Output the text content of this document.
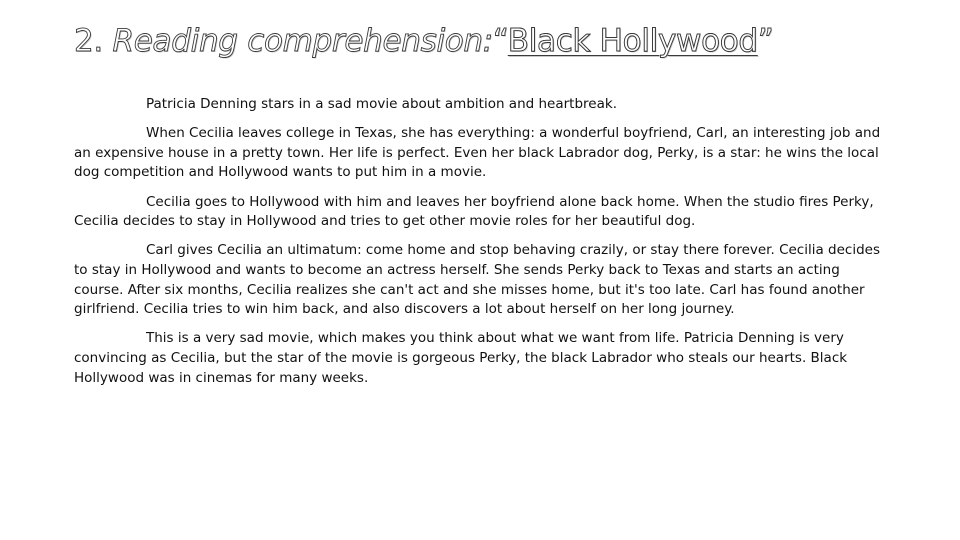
2. Reading comprehension:“Black Hollywood”

Patricia Denning stars in a sad movie about ambition and heartbreak.

When Cecilia leaves college in Texas, she has everything: a wonderful boyfriend, Carl, an interesting job and an expensive house in a pretty town. Her life is perfect. Even her black Labrador dog, Perky, is a star: he wins the local dog competition and Hollywood wants to put him in a movie.

Cecilia goes to Hollywood with him and leaves her boyfriend alone back home. When the studio fires Perky, Cecilia decides to stay in Hollywood and tries to get other movie roles for her beautiful dog.

Carl gives Cecilia an ultimatum: come home and stop behaving crazily, or stay there forever. Cecilia decides to stay in Hollywood and wants to become an actress herself. She sends Perky back to Texas and starts an acting course. After six months, Cecilia realizes she can't act and she misses home, but it's too late. Carl has found another girlfriend. Cecilia tries to win him back, and also discovers a lot about herself on her long journey.

This is a very sad movie, which makes you think about what we want from life. Patricia Denning is very convincing as Cecilia, but the star of the movie is gorgeous Perky, the black Labrador who steals our hearts. Black Hollywood was in cinemas for many weeks.
